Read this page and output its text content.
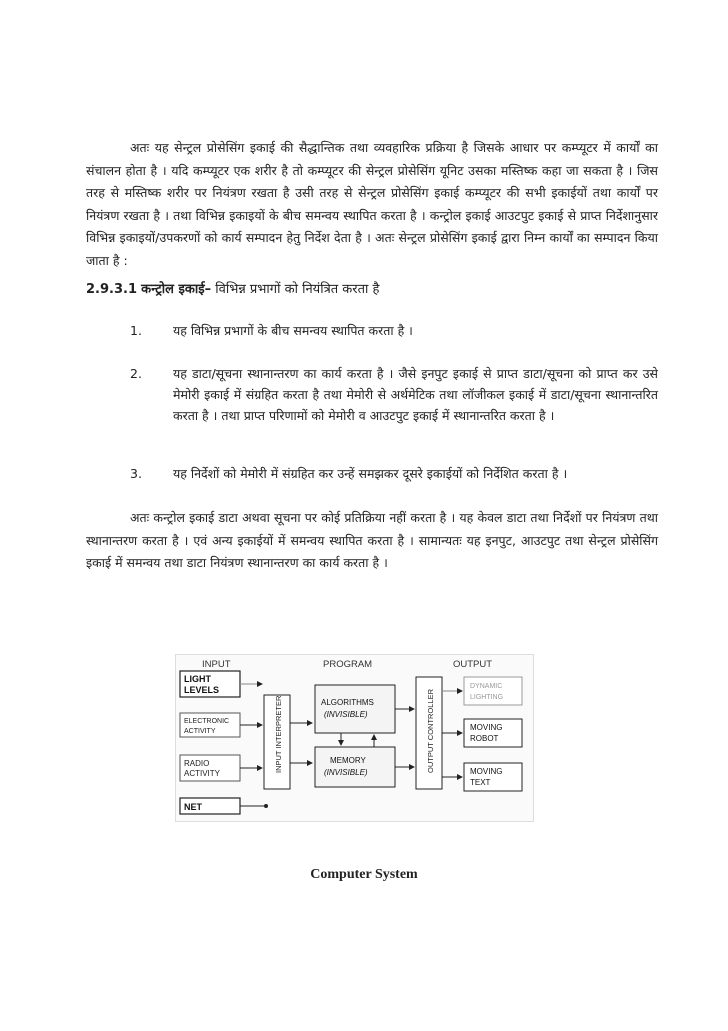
अतः यह सेन्ट्रल प्रोसेसिंग इकाई की सैद्धान्तिक तथा व्यवहारिक प्रक्रिया है जिसके आधार पर कम्प्यूटर में कार्यों का संचालन होता है । यदि कम्प्यूटर एक शरीर है तो कम्प्यूटर की सेन्ट्रल प्रोसेसिंग यूनिट उसका मस्तिष्क कहा जा सकता है । जिस तरह से मस्तिष्क शरीर पर नियंत्रण रखता है उसी तरह से सेन्ट्रल प्रोसेसिंग इकाई कम्प्यूटर की सभी इकाईयों तथा कार्यों पर नियंत्रण रखता है । तथा विभिन्न इकाइयों के बीच समन्वय स्थापित करता है । कन्ट्रोल इकाई आउटपुट इकाई से प्राप्त निर्देशानुसार विभिन्न इकाइयों/उपकरणों को कार्य सम्पादन हेतु निर्देश देता है । अतः सेन्ट्रल प्रोसेसिंग इकाई द्वारा निम्न कार्यों का सम्पादन किया जाता है :

2.9.3.1 कन्ट्रोल इकाई– विभिन्न प्रभागों को नियंत्रित करता है

1.	यह विभिन्न प्रभागों के बीच समन्वय स्थापित करता है ।
2.	यह डाटा/सूचना स्थानान्तरण का कार्य करता है । जैसे इनपुट इकाई से प्राप्त डाटा/सूचना को प्राप्त कर उसे मेमोरी इकाई में संग्रहित करता है तथा मेमोरी से अर्थमेटिक तथा लॉजीकल इकाई में डाटा/सूचना स्थानान्तरित करता है । तथा प्राप्त परिणामों को मेमोरी व आउटपुट इकाई में स्थानान्तरित करता है ।
3.	यह निर्देशों को मेमोरी में संग्रहित कर उन्हें समझकर दूसरे इकाईयों को निर्देशित करता है ।

अतः कन्ट्रोल इकाई डाटा अथवा सूचना पर कोई प्रतिक्रिया नहीं करता है । यह केवल डाटा तथा निर्देशों पर नियंत्रण तथा स्थानान्तरण करता है । एवं अन्य इकाईयों में समन्वय स्थापित करता है । सामान्यतः यह इनपुट, आउटपुट तथा सेन्ट्रल प्रोसेसिंग इकाई में समन्वय तथा डाटा नियंत्रण स्थानान्तरण का कार्य करता है ।

INPUT	PROGRAM	OUTPUT
LIGHT
LEVELS
ELECTRONIC
ACTIVITY
RADIO
ACTIVITY
NET
INPUT INTERPRETER	ALGORITHMS
(INVISIBLE)
MEMORY
(INVISIBLE)	OUTPUT CONTROLLER
DYNAMIC
LIGHTING
MOVING
ROBOT
MOVING
TEXT
Computer System
